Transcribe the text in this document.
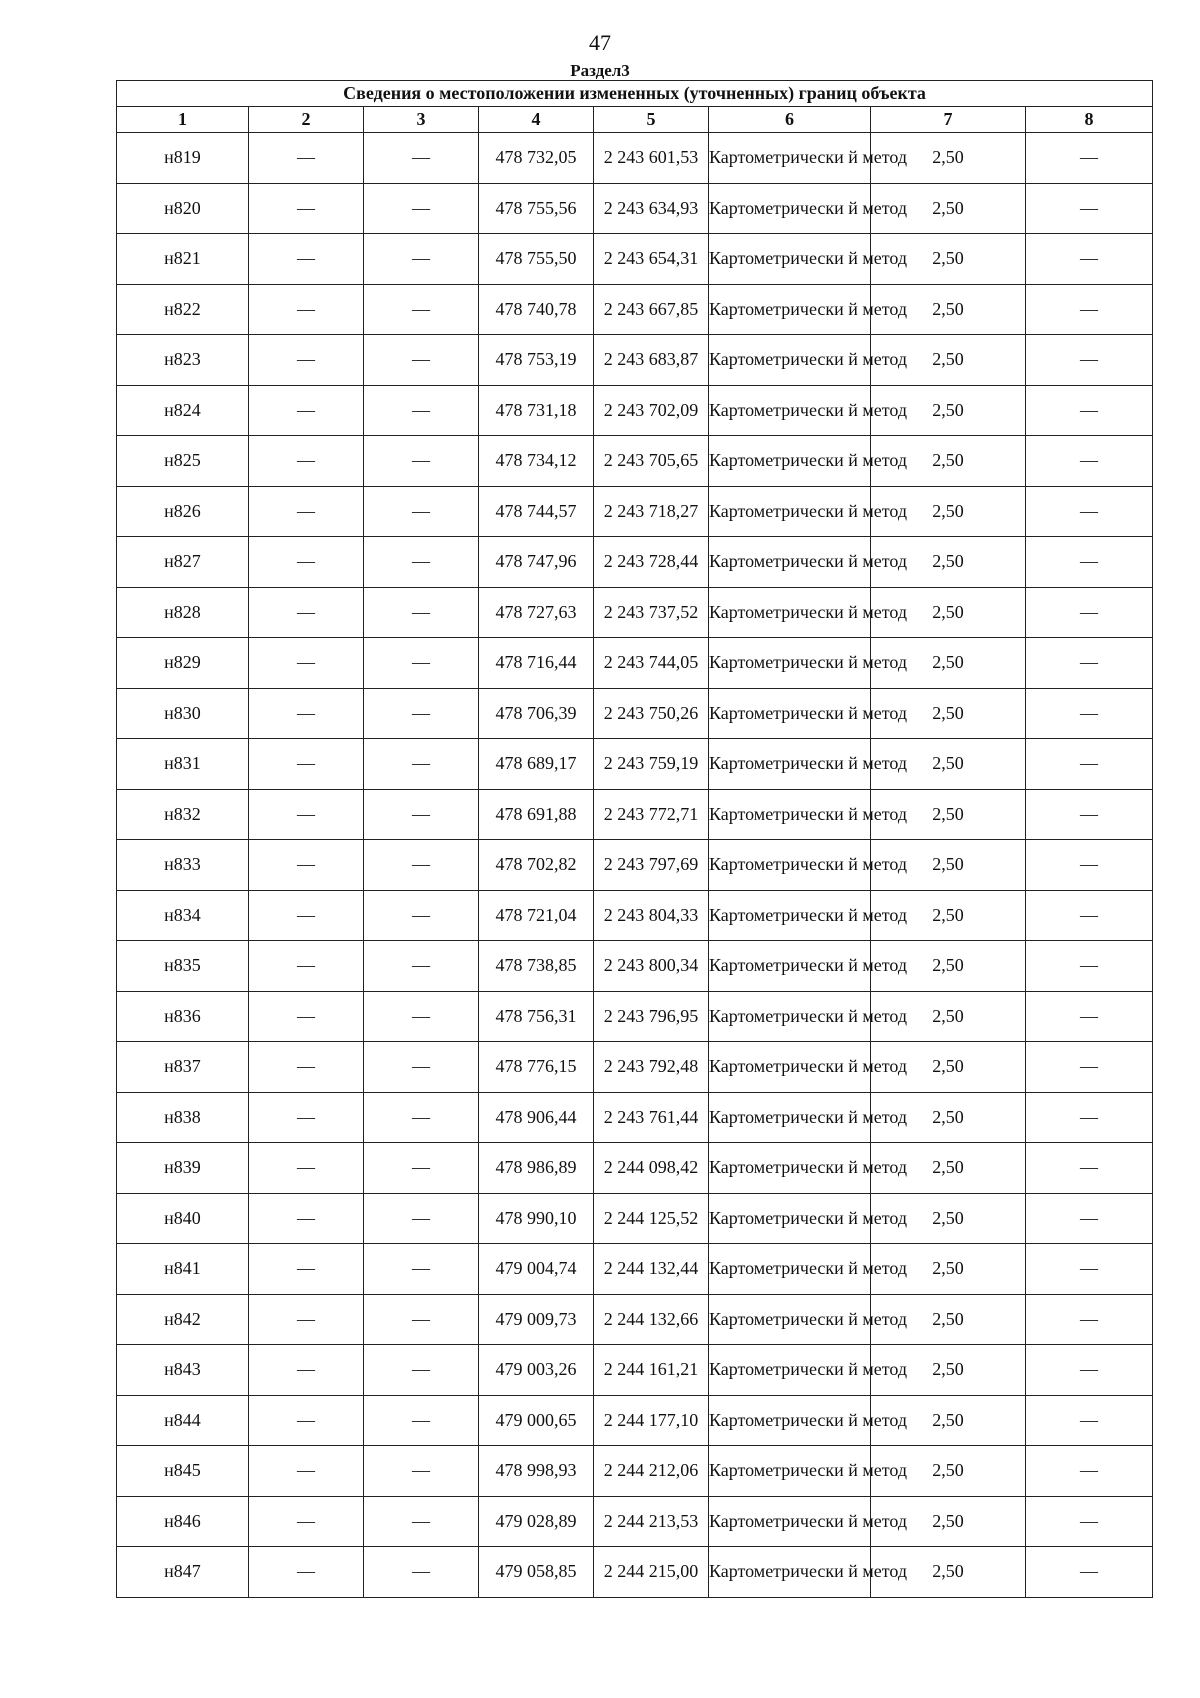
47
Раздел3
Сведения о местоположении измененных (уточненных) границ объекта							
1	2	3	4	5	6	7	8
н819	—	—	478 732,05	2 243 601,53	Картометрически й метод	2,50	—
н820	—	—	478 755,56	2 243 634,93	Картометрически й метод	2,50	—
н821	—	—	478 755,50	2 243 654,31	Картометрически й метод	2,50	—
н822	—	—	478 740,78	2 243 667,85	Картометрически й метод	2,50	—
н823	—	—	478 753,19	2 243 683,87	Картометрически й метод	2,50	—
н824	—	—	478 731,18	2 243 702,09	Картометрически й метод	2,50	—
н825	—	—	478 734,12	2 243 705,65	Картометрически й метод	2,50	—
н826	—	—	478 744,57	2 243 718,27	Картометрически й метод	2,50	—
н827	—	—	478 747,96	2 243 728,44	Картометрически й метод	2,50	—
н828	—	—	478 727,63	2 243 737,52	Картометрически й метод	2,50	—
н829	—	—	478 716,44	2 243 744,05	Картометрически й метод	2,50	—
н830	—	—	478 706,39	2 243 750,26	Картометрически й метод	2,50	—
н831	—	—	478 689,17	2 243 759,19	Картометрически й метод	2,50	—
н832	—	—	478 691,88	2 243 772,71	Картометрически й метод	2,50	—
н833	—	—	478 702,82	2 243 797,69	Картометрически й метод	2,50	—
н834	—	—	478 721,04	2 243 804,33	Картометрически й метод	2,50	—
н835	—	—	478 738,85	2 243 800,34	Картометрически й метод	2,50	—
н836	—	—	478 756,31	2 243 796,95	Картометрически й метод	2,50	—
н837	—	—	478 776,15	2 243 792,48	Картометрически й метод	2,50	—
н838	—	—	478 906,44	2 243 761,44	Картометрически й метод	2,50	—
н839	—	—	478 986,89	2 244 098,42	Картометрически й метод	2,50	—
н840	—	—	478 990,10	2 244 125,52	Картометрически й метод	2,50	—
н841	—	—	479 004,74	2 244 132,44	Картометрически й метод	2,50	—
н842	—	—	479 009,73	2 244 132,66	Картометрически й метод	2,50	—
н843	—	—	479 003,26	2 244 161,21	Картометрически й метод	2,50	—
н844	—	—	479 000,65	2 244 177,10	Картометрически й метод	2,50	—
н845	—	—	478 998,93	2 244 212,06	Картометрически й метод	2,50	—
н846	—	—	479 028,89	2 244 213,53	Картометрически й метод	2,50	—
н847	—	—	479 058,85	2 244 215,00	Картометрически й метод	2,50	—
